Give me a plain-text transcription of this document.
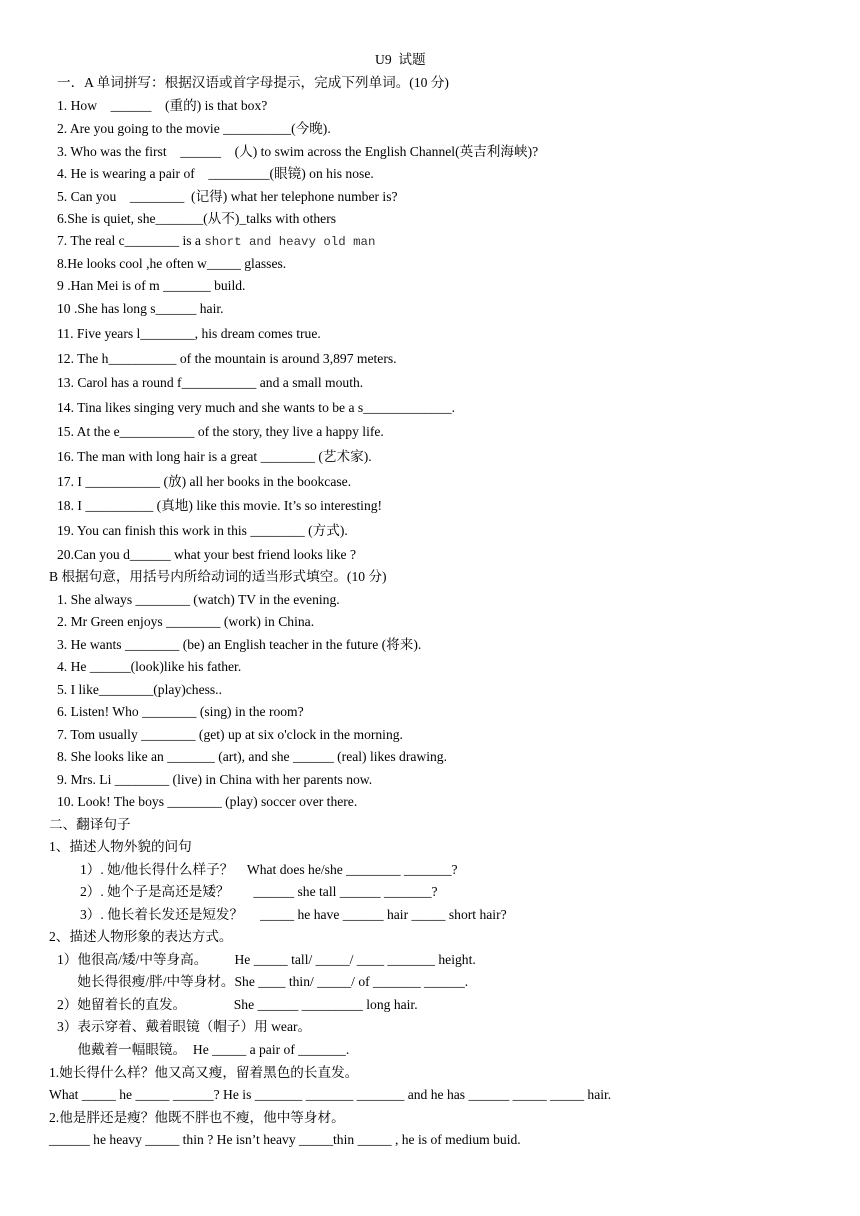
U9  试题
一．A 单词拼写：根据汉语或首字母提示，完成下列单词。(10 分)
1. How    ______    (重的) is that box?
2. Are you going to the movie __________(今晚).
3. Who was the first    ______    (人) to swim across the English Channel(英吉利海峡)?
4. He is wearing a pair of    _________(眼镜) on his nose.
5. Can you    ________  (记得) what her telephone number is?
6.She is quiet, she_______(从不)_talks with others
7. The real c________ is a short and heavy old man
8.He looks cool ,he often w_____ glasses.
9 .Han Mei is of m _______ build.
10 .She has long s______ hair.
11. Five years l________, his dream comes true.
12. The h__________ of the mountain is around 3,897 meters.
13. Carol has a round f___________ and a small mouth.
14. Tina likes singing very much and she wants to be a s_____________.
15. At the e___________ of the story, they live a happy life.
16. The man with long hair is a great ________ (艺术家).
17. I ___________ (放) all her books in the bookcase.
18. I __________ (真地) like this movie. It’s so interesting!
19. You can finish this work in this ________ (方式).
20.Can you d______ what your best friend looks like ?
B 根据句意，用括号内所给动词的适当形式填空。(10 分)
1. She always ________ (watch) TV in the evening.
2. Mr Green enjoys ________ (work) in China.
3. He wants ________ (be) an English teacher in the future (将来).
4. He ______(look)like his father.
5. I like________(play)chess..
6. Listen! Who ________ (sing) in the room?
7. Tom usually ________ (get) up at six o'clock in the morning.
8. She looks like an _______ (art), and she ______ (real) likes drawing.
9. Mrs. Li ________ (live) in China with her parents now.
10. Look! The boys ________ (play) soccer over there.
二、翻译句子
1、描述人物外貌的问句
1）. 她/他长得什么样子？    What does he/she ________ _______?
2）. 她个子是高还是矮？       ______ she tall ______ _______?
3）. 他长着长发还是短发？     _____ he have ______ hair _____ short hair?
2、描述人物形象的表达方式。
1）他很高/矮/中等身高。        He _____ tall/ _____/ ____ _______ height.
她长得很瘦/胖/中等身材。She ____ thin/ _____/ of _______ ______.
2）她留着长的直发。              She ______ _________ long hair.
3）表示穿着、戴着眼镜（帽子）用 wear。
他戴着一幅眼镜。  He _____ a pair of _______.
1.她长得什么样？他又高又瘦，留着黑色的长直发。
What _____ he _____ ______? He is _______ _______ _______ and he has ______ _____ _____ hair.
2.他是胖还是瘦？他既不胖也不瘦，他中等身材。
______ he heavy _____ thin ? He isn’t heavy _____thin _____ , he is of medium buid.
